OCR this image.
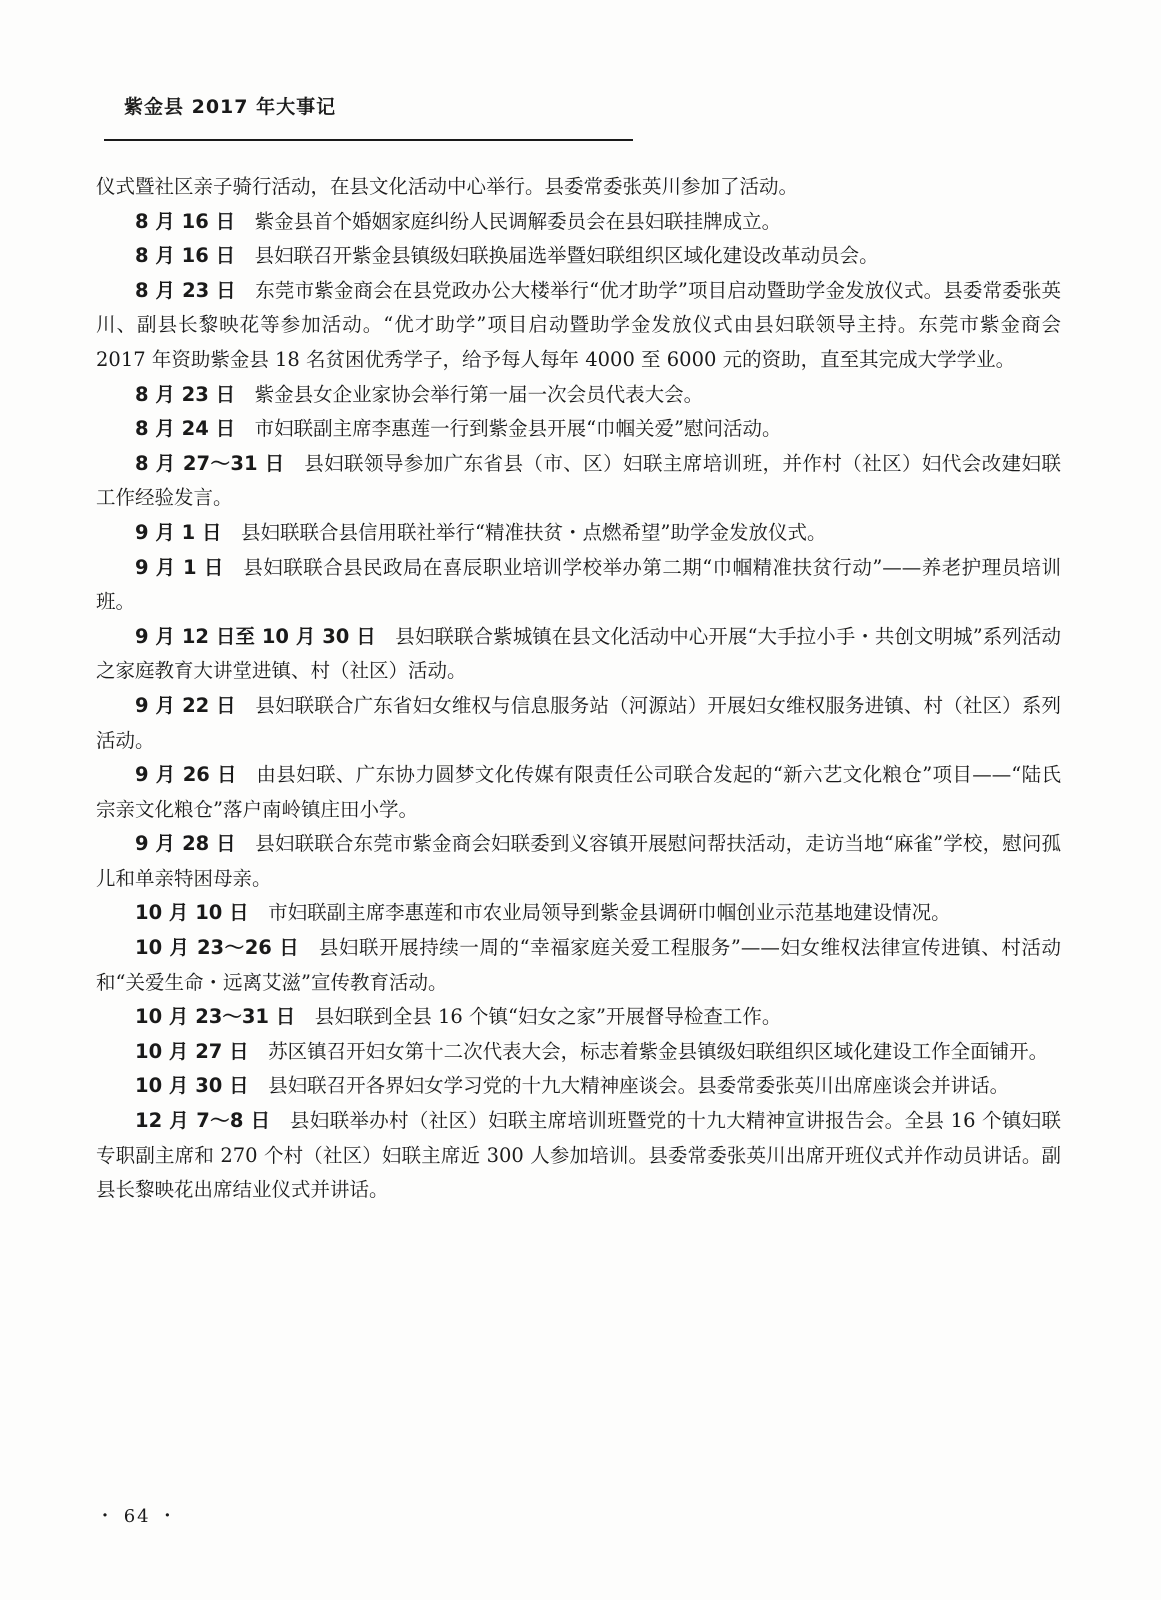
紫金县 2017 年大事记

仪式暨社区亲子骑行活动，在县文化活动中心举行。县委常委张英川参加了活动。

8 月 16 日 紫金县首个婚姻家庭纠纷人民调解委员会在县妇联挂牌成立。

8 月 16 日 县妇联召开紫金县镇级妇联换届选举暨妇联组织区域化建设改革动员会。

8 月 23 日 东莞市紫金商会在县党政办公大楼举行“优才助学”项目启动暨助学金发放仪式。县委常委张英川、副县长黎映花等参加活动。“优才助学”项目启动暨助学金发放仪式由县妇联领导主持。东莞市紫金商会 2017 年资助紫金县 18 名贫困优秀学子，给予每人每年 4000 至 6000 元的资助，直至其完成大学学业。

8 月 23 日 紫金县女企业家协会举行第一届一次会员代表大会。

8 月 24 日 市妇联副主席李惠莲一行到紫金县开展“巾帼关爱”慰问活动。

8 月 27～31 日 县妇联领导参加广东省县（市、区）妇联主席培训班，并作村（社区）妇代会改建妇联工作经验发言。

9 月 1 日 县妇联联合县信用联社举行“精准扶贫・点燃希望”助学金发放仪式。

9 月 1 日 县妇联联合县民政局在喜辰职业培训学校举办第二期“巾帼精准扶贫行动”——养老护理员培训班。

9 月 12 日至 10 月 30 日 县妇联联合紫城镇在县文化活动中心开展“大手拉小手・共创文明城”系列活动之家庭教育大讲堂进镇、村（社区）活动。

9 月 22 日 县妇联联合广东省妇女维权与信息服务站（河源站）开展妇女维权服务进镇、村（社区）系列活动。

9 月 26 日 由县妇联、广东协力圆梦文化传媒有限责任公司联合发起的“新六艺文化粮仓”项目——“陆氏宗亲文化粮仓”落户南岭镇庄田小学。

9 月 28 日 县妇联联合东莞市紫金商会妇联委到义容镇开展慰问帮扶活动，走访当地“麻雀”学校，慰问孤儿和单亲特困母亲。

10 月 10 日 市妇联副主席李惠莲和市农业局领导到紫金县调研巾帼创业示范基地建设情况。

10 月 23～26 日 县妇联开展持续一周的“幸福家庭关爱工程服务”——妇女维权法律宣传进镇、村活动和“关爱生命・远离艾滋”宣传教育活动。

10 月 23～31 日 县妇联到全县 16 个镇“妇女之家”开展督导检查工作。

10 月 27 日 苏区镇召开妇女第十二次代表大会，标志着紫金县镇级妇联组织区域化建设工作全面铺开。

10 月 30 日 县妇联召开各界妇女学习党的十九大精神座谈会。县委常委张英川出席座谈会并讲话。

12 月 7～8 日 县妇联举办村（社区）妇联主席培训班暨党的十九大精神宣讲报告会。全县 16 个镇妇联专职副主席和 270 个村（社区）妇联主席近 300 人参加培训。县委常委张英川出席开班仪式并作动员讲话。副县长黎映花出席结业仪式并讲话。

・ 64 ・
